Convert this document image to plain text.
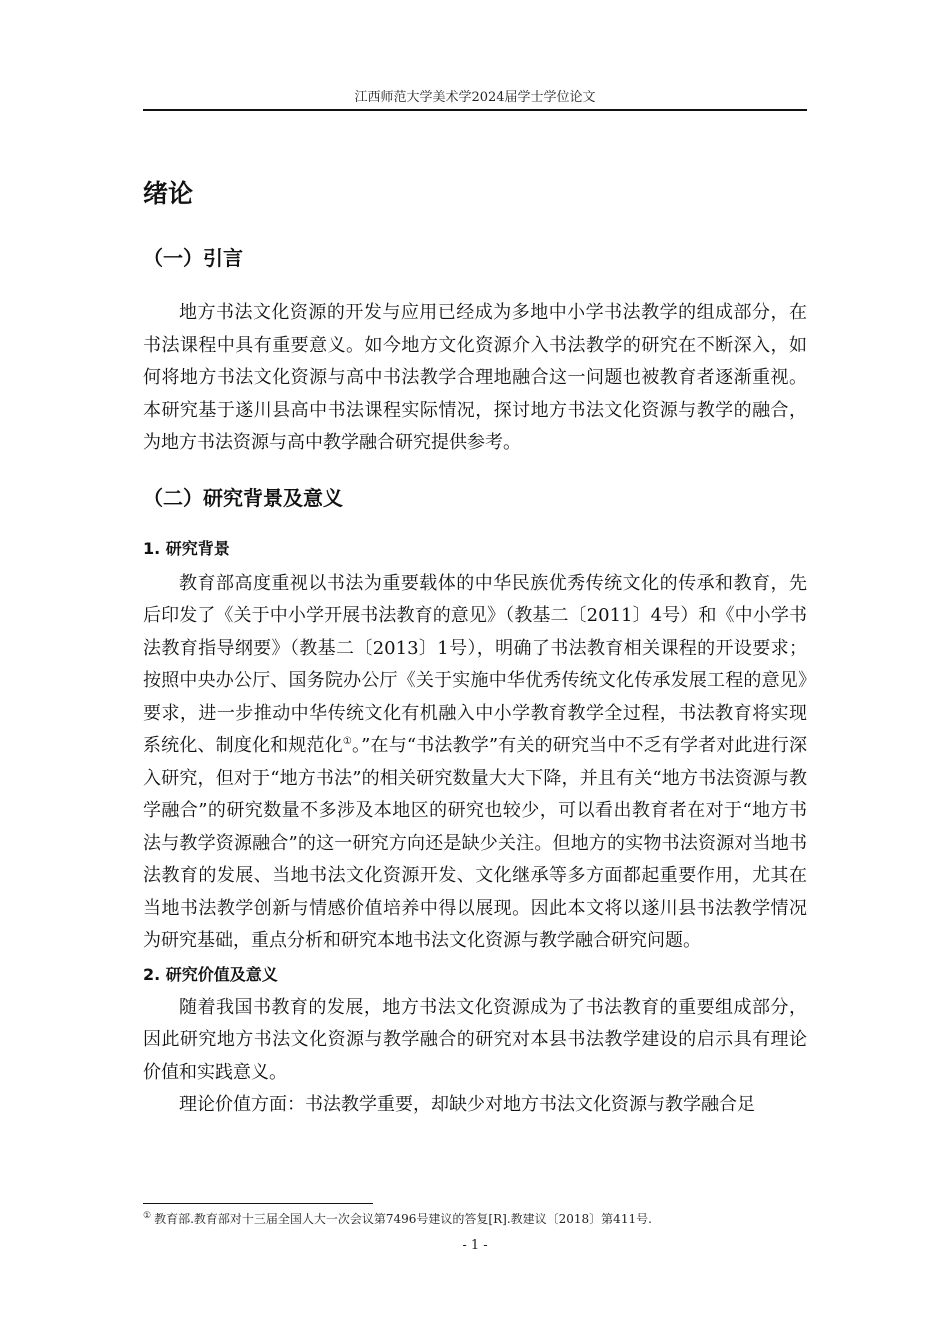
江西师范大学美术学2024届学士学位论文
绪论
（一）引言

地方书法文化资源的开发与应用已经成为多地中小学书法教学的组成部分，在书法课程中具有重要意义。如今地方文化资源介入书法教学的研究在不断深入，如何将地方书法文化资源与高中书法教学合理地融合这一问题也被教育者逐渐重视。本研究基于遂川县高中书法课程实际情况，探讨地方书法文化资源与教学的融合，为地方书法资源与高中教学融合研究提供参考。

（二）研究背景及意义
1. 研究背景

教育部高度重视以书法为重要载体的中华民族优秀传统文化的传承和教育，先后印发了《关于中小学开展书法教育的意见》（教基二〔2011〕4号）和《中小学书法教育指导纲要》（教基二〔2013〕1号），明确了书法教育相关课程的开设要求；按照中央办公厅、国务院办公厅《关于实施中华优秀传统文化传承发展工程的意见》要求，进一步推动中华传统文化有机融入中小学教育教学全过程，书法教育将实现系统化、制度化和规范化①。”在与“书法教学”有关的研究当中不乏有学者对此进行深入研究，但对于“地方书法”的相关研究数量大大下降，并且有关“地方书法资源与教学融合”的研究数量不多涉及本地区的研究也较少，可以看出教育者在对于“地方书法与教学资源融合”的这一研究方向还是缺少关注。但地方的实物书法资源对当地书法教育的发展、当地书法文化资源开发、文化继承等多方面都起重要作用，尤其在当地书法教学创新与情感价值培养中得以展现。因此本文将以遂川县书法教学情况为研究基础，重点分析和研究本地书法文化资源与教学融合研究问题。

2. 研究价值及意义

随着我国书教育的发展，地方书法文化资源成为了书法教育的重要组成部分，因此研究地方书法文化资源与教学融合的研究对本县书法教学建设的启示具有理论价值和实践意义。

理论价值方面：书法教学重要，却缺少对地方书法文化资源与教学融合足

① 教育部.教育部对十三届全国人大一次会议第7496号建议的答复[R].教建议〔2018〕第411号.
- 1 -
